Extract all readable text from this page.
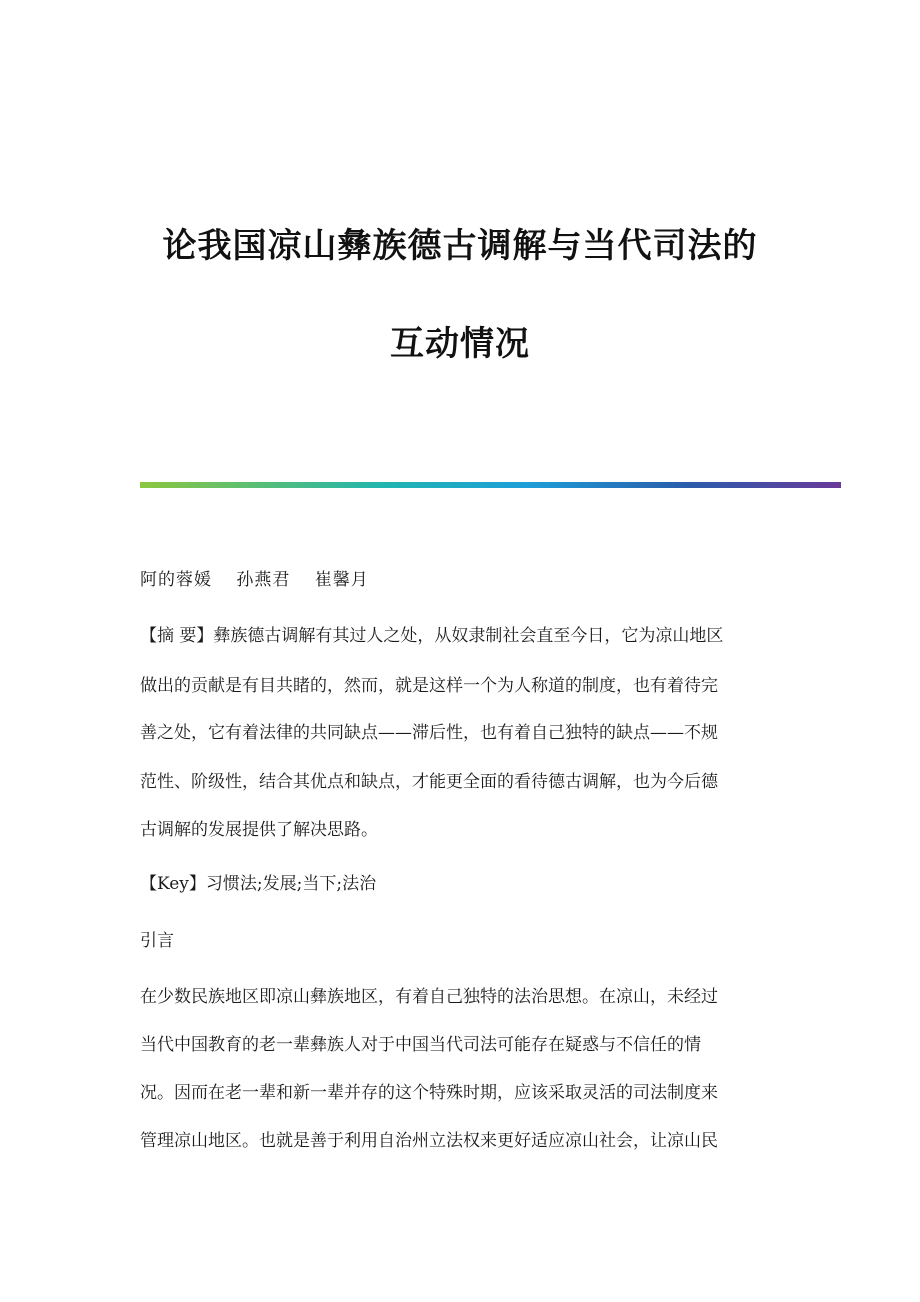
论我国凉山彝族德古调解与当代司法的
互动情况
阿的蓉媛 孙燕君 崔馨月
【摘 要】彝族德古调解有其过人之处，从奴隶制社会直至今日，它为凉山地区
做出的贡献是有目共睹的，然而，就是这样一个为人称道的制度，也有着待完
善之处，它有着法律的共同缺点——滞后性，也有着自己独特的缺点——不规
范性、阶级性，结合其优点和缺点，才能更全面的看待德古调解，也为今后德
古调解的发展提供了解决思路。
【Key】习惯法;发展;当下;法治
引言
在少数民族地区即凉山彝族地区，有着自己独特的法治思想。在凉山，未经过
当代中国教育的老一辈彝族人对于中国当代司法可能存在疑惑与不信任的情
况。因而在老一辈和新一辈并存的这个特殊时期，应该采取灵活的司法制度来
管理凉山地区。也就是善于利用自治州立法权来更好适应凉山社会，让凉山民
